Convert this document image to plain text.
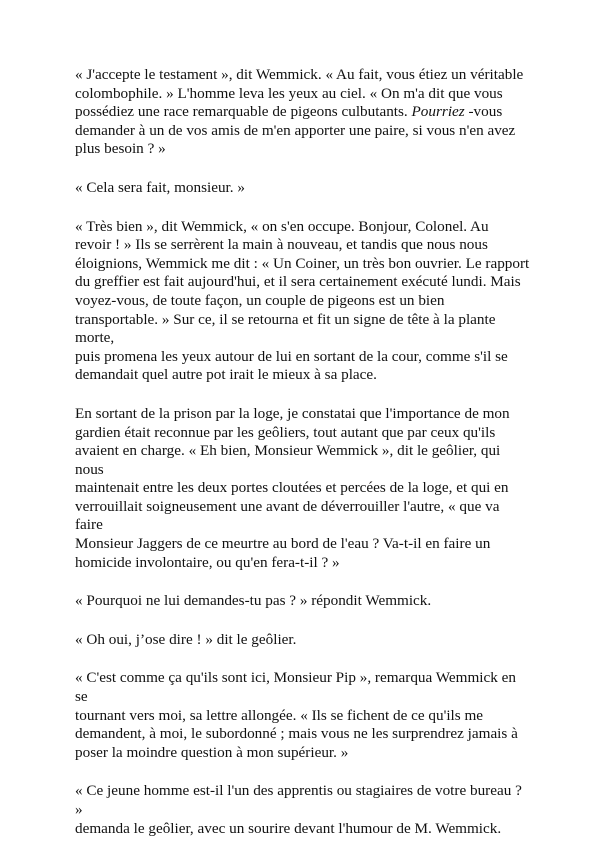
« J'accepte le testament », dit Wemmick. « Au fait, vous étiez un véritable
colombophile. » L'homme leva les yeux au ciel. « On m'a dit que vous
possédiez une race remarquable de pigeons culbutants. Pourriez -vous
demander à un de vos amis de m'en apporter une paire, si vous n'en avez
plus besoin ? »

« Cela sera fait, monsieur. »

« Très bien », dit Wemmick, « on s'en occupe. Bonjour, Colonel. Au
revoir ! » Ils se serrèrent la main à nouveau, et tandis que nous nous
éloignions, Wemmick me dit : « Un Coiner, un très bon ouvrier. Le rapport
du greffier est fait aujourd'hui, et il sera certainement exécuté lundi. Mais
voyez-vous, de toute façon, un couple de pigeons est un bien
transportable. » Sur ce, il se retourna et fit un signe de tête à la plante morte,
puis promena les yeux autour de lui en sortant de la cour, comme s'il se
demandait quel autre pot irait le mieux à sa place.

En sortant de la prison par la loge, je constatai que l'importance de mon
gardien était reconnue par les geôliers, tout autant que par ceux qu'ils
avaient en charge. « Eh bien, Monsieur Wemmick », dit le geôlier, qui nous
maintenait entre les deux portes cloutées et percées de la loge, et qui en
verrouillait soigneusement une avant de déverrouiller l'autre, « que va faire
Monsieur Jaggers de ce meurtre au bord de l'eau ? Va-t-il en faire un
homicide involontaire, ou qu'en fera-t-il ? »

« Pourquoi ne lui demandes-tu pas ? » répondit Wemmick.

« Oh oui, j’ose dire ! » dit le geôlier.

« C'est comme ça qu'ils sont ici, Monsieur Pip », remarqua Wemmick en se
tournant vers moi, sa lettre allongée. « Ils se fichent de ce qu'ils me
demandent, à moi, le subordonné ; mais vous ne les surprendrez jamais à
poser la moindre question à mon supérieur. »

« Ce jeune homme est-il l'un des apprentis ou stagiaires de votre bureau ? »
demanda le geôlier, avec un sourire devant l'humour de M. Wemmick.
